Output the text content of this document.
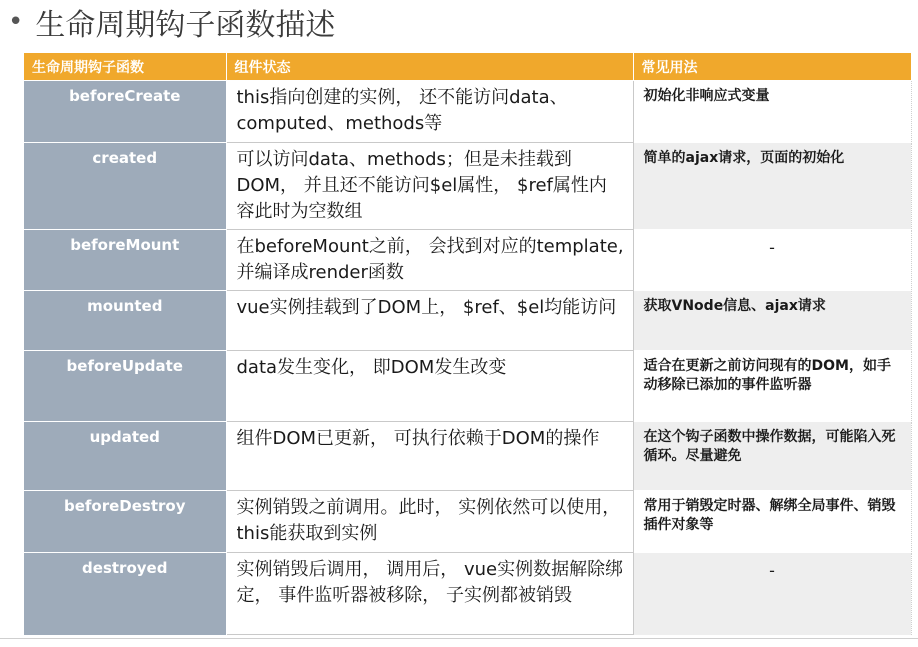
• 生命周期钩子函数描述
生命周期钩子函数	组件状态	常见用法
beforeCreate	this指向创建的实例， 还不能访问data、computed、methods等	初始化非响应式变量
created	可以访问data、methods；但是未挂载到DOM， 并且还不能访问$el属性， $ref属性内容此时为空数组	简单的ajax请求，页面的初始化
beforeMount	在beforeMount之前， 会找到对应的template,并编译成render函数	-
mounted	vue实例挂载到了DOM上， $ref、$el均能访问	获取VNode信息、ajax请求
beforeUpdate	data发生变化， 即DOM发生改变	适合在更新之前访问现有的DOM，如手动移除已添加的事件监听器
updated	组件DOM已更新， 可执行依赖于DOM的操作	在这个钩子函数中操作数据，可能陷入死循环。尽量避免
beforeDestroy	实例销毁之前调用。此时， 实例依然可以使用， this能获取到实例	常用于销毁定时器、解绑全局事件、销毁插件对象等
destroyed	实例销毁后调用， 调用后， vue实例数据解除绑定， 事件监听器被移除， 子实例都被销毁	-
